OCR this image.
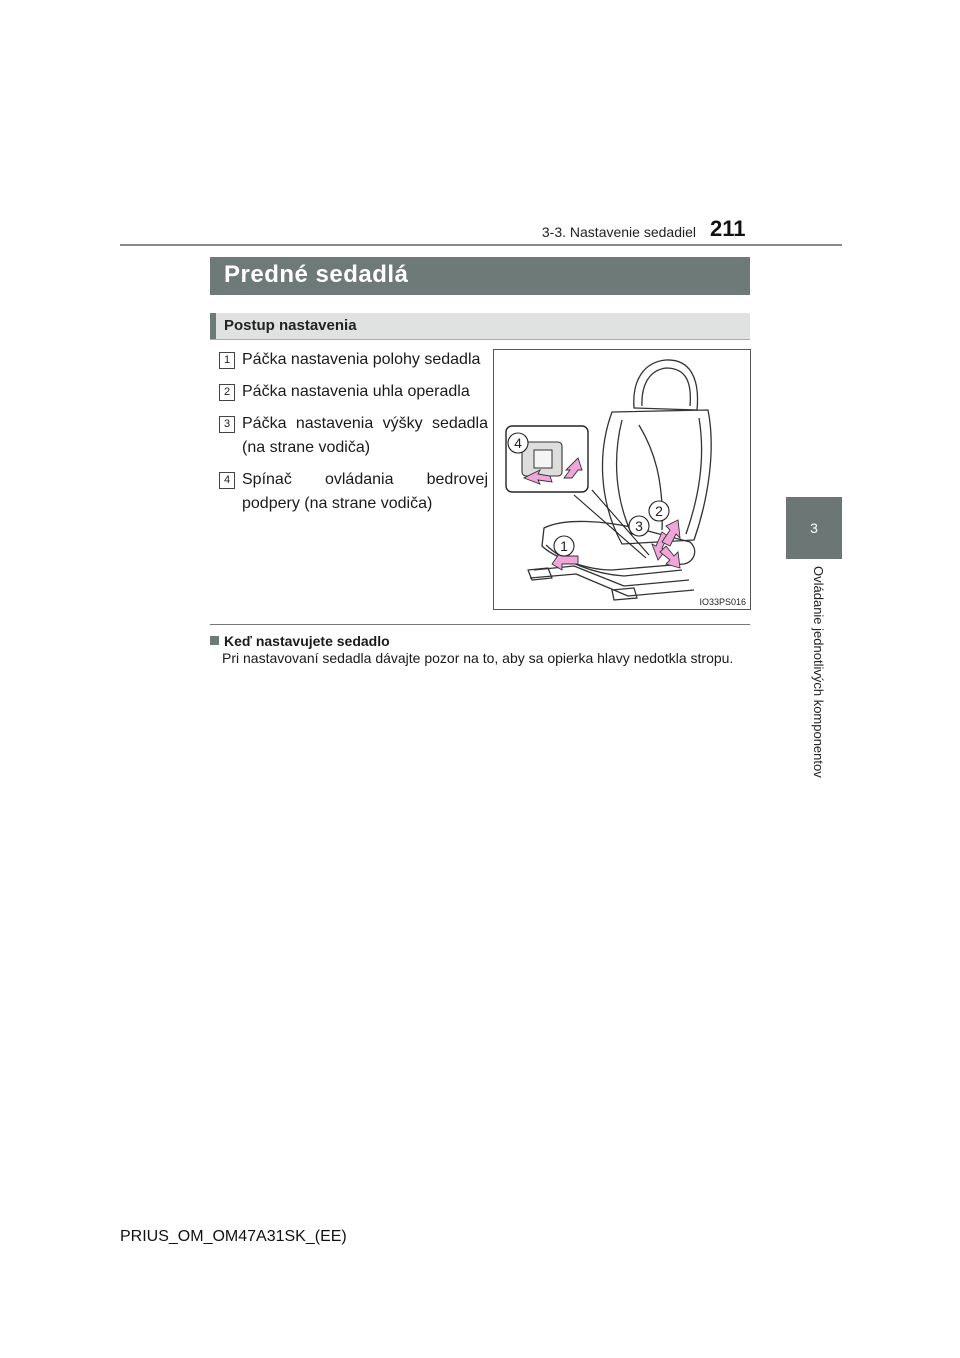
3-3. Nastavenie sedadiel 211
3
Ovládanie jednotlivých komponentov
Predné sedadlá
Postup nastavenia
1 Páčka nastavenia polohy sedadla
2 Páčka nastavenia uhla operadla
3 Páčka nastavenia výšky sedadla (na strane vodiča)
4 Spínač ovládania bedrovej podpery (na strane vodiča)
4
2
3
1
IO33PS016
Keď nastavujete sedadlo
Pri nastavovaní sedadla dávajte pozor na to, aby sa opierka hlavy nedotkla stropu.
PRIUS_OM_OM47A31SK_(EE)
